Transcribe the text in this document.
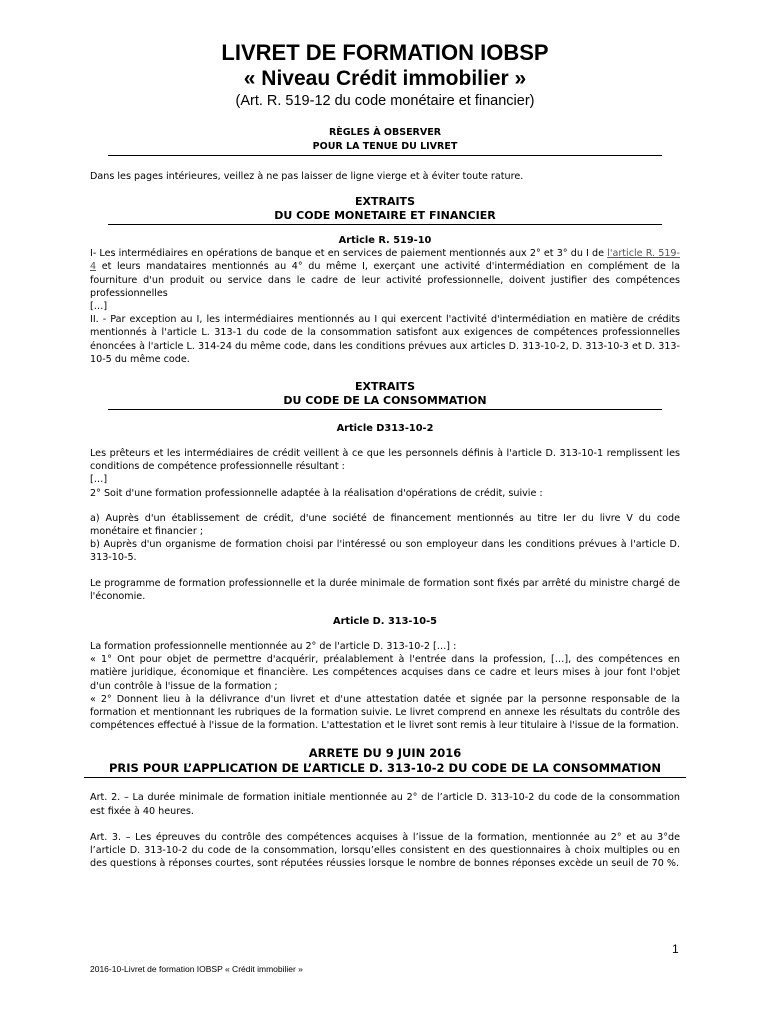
LIVRET DE FORMATION IOBSP
« Niveau Crédit immobilier »
(Art. R. 519-12 du code monétaire et financier)
RÈGLES À OBSERVER
POUR LA TENUE DU LIVRET

Dans les pages intérieures, veillez à ne pas laisser de ligne vierge et à éviter toute rature.

EXTRAITS
DU CODE MONETAIRE ET FINANCIER
Article R. 519-10

I- Les intermédiaires en opérations de banque et en services de paiement mentionnés aux 2° et 3° du I de l'article R. 519-4 et leurs mandataires mentionnés au 4° du même I, exerçant une activité d'intermédiation en complément de la fourniture d'un produit ou service dans le cadre de leur activité professionnelle, doivent justifier des compétences professionnelles

[…]

II. - Par exception au I, les intermédiaires mentionnés au I qui exercent l'activité d'intermédiation en matière de crédits mentionnés à l'article L. 313-1 du code de la consommation satisfont aux exigences de compétences professionnelles énoncées à l'article L. 314-24 du même code, dans les conditions prévues aux articles D. 313-10-2, D. 313-10-3 et D. 313-10-5 du même code.

EXTRAITS
DU CODE DE LA CONSOMMATION
Article D313-10-2

Les prêteurs et les intermédiaires de crédit veillent à ce que les personnels définis à l'article D. 313-10-1 remplissent les conditions de compétence professionnelle résultant :

[…]

2° Soit d'une formation professionnelle adaptée à la réalisation d'opérations de crédit, suivie :

a) Auprès d'un établissement de crédit, d'une société de financement mentionnés au titre Ier du livre V du code monétaire et financier ;

b) Auprès d'un organisme de formation choisi par l'intéressé ou son employeur dans les conditions prévues à l'article D. 313-10-5.

Le programme de formation professionnelle et la durée minimale de formation sont fixés par arrêté du ministre chargé de l'économie.

Article D. 313-10-5

La formation professionnelle mentionnée au 2° de l'article D. 313-10-2 […] :

« 1° Ont pour objet de permettre d'acquérir, préalablement à l'entrée dans la profession, […], des compétences en matière juridique, économique et financière. Les compétences acquises dans ce cadre et leurs mises à jour font l'objet d'un contrôle à l'issue de la formation ;

« 2° Donnent lieu à la délivrance d'un livret et d'une attestation datée et signée par la personne responsable de la formation et mentionnant les rubriques de la formation suivie. Le livret comprend en annexe les résultats du contrôle des compétences effectué à l'issue de la formation. L'attestation et le livret sont remis à leur titulaire à l'issue de la formation.

ARRETE DU 9 JUIN 2016
PRIS POUR L’APPLICATION DE L’ARTICLE D. 313-10-2 DU CODE DE LA CONSOMMATION

Art. 2. – La durée minimale de formation initiale mentionnée au 2° de l’article D. 313-10-2 du code de la consommation est fixée à 40 heures.

Art. 3. – Les épreuves du contrôle des compétences acquises à l’issue de la formation, mentionnée au 2° et au 3°de l’article D. 313-10-2 du code de la consommation, lorsqu’elles consistent en des questionnaires à choix multiples ou en des questions à réponses courtes, sont réputées réussies lorsque le nombre de bonnes réponses excède un seuil de 70 %.

1
2016-10-Livret de formation IOBSP « Crédit immobilier »
